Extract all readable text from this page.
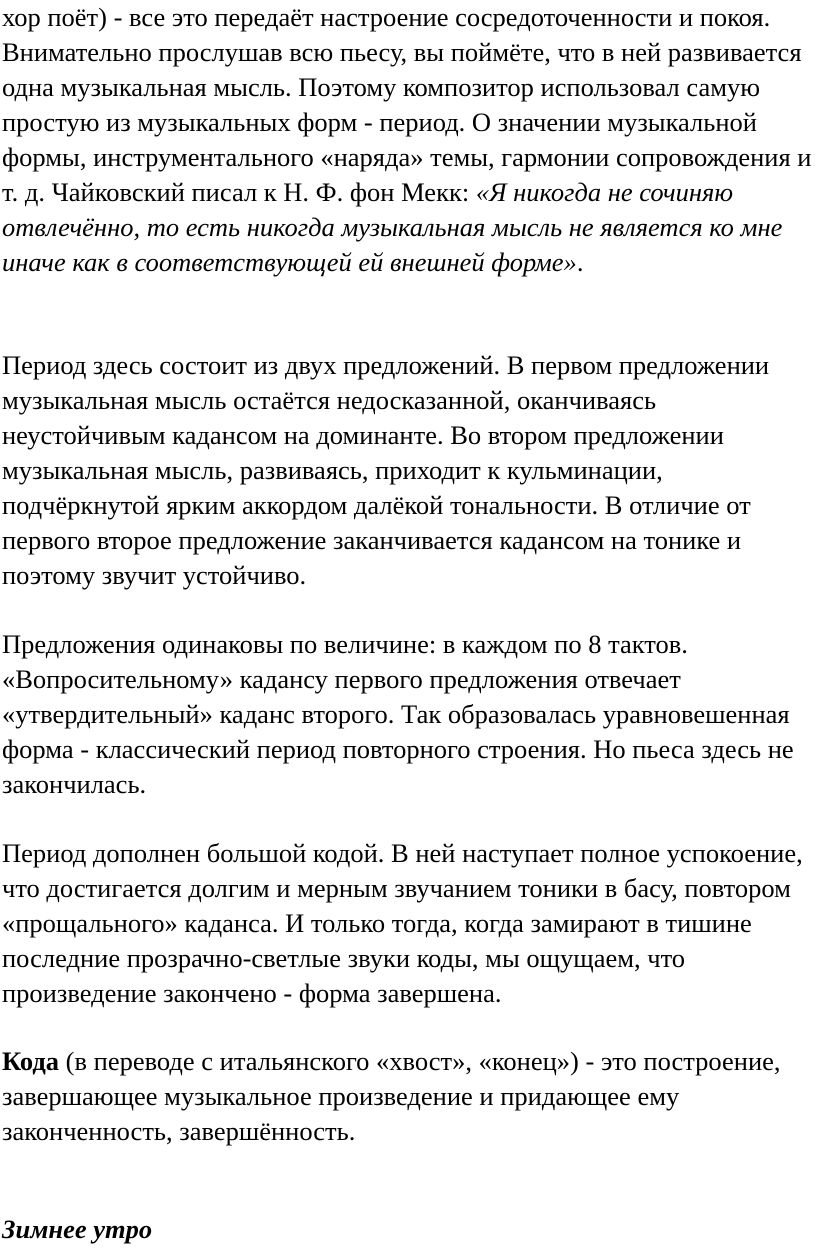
хор поёт) - все это передаёт настроение сосредоточенности и покоя. Внимательно прослушав всю пьесу, вы поймёте, что в ней развивается одна музыкальная мысль. Поэтому композитор использовал самую простую из музыкальных форм - период. О значении музыкальной формы, инструментального «наряда» темы, гармонии сопровождения и т. д. Чайковский писал к Н. Ф. фон Мекк: «Я никогда не сочиняю отвлечённо, то есть никогда музыкальная мысль не является ко мне иначе как в соответствующей ей внешней форме».

Период здесь состоит из двух предложений. В первом предложении музыкальная мысль остаётся недосказанной, оканчиваясь неустойчивым кадансом на доминанте. Во втором предложении музыкальная мысль, развиваясь, приходит к кульминации, подчёркнутой ярким аккордом далёкой тональности. В отличие от первого второе предложение заканчивается кадансом на тонике и поэтому звучит устойчиво.

Предложения одинаковы по величине: в каждом по 8 тактов. «Вопросительному» кадансу первого предложения отвечает «утвердительный» каданс второго. Так образовалась уравновешенная форма - классический период повторного строения. Но пьеса здесь не закончилась.

Период дополнен большой кодой. В ней наступает полное успокоение, что достигается долгим и мерным звучанием тоники в басу, повтором «прощального» каданса. И только тогда, когда замирают в тишине последние прозрачно-светлые звуки коды, мы ощущаем, что произведение закончено - форма завершена.

Кода (в переводе с итальянского «хвост», «конец») - это построение, завершающее музыкальное произведение и придающее ему законченность, завершённость.

Зимнее утро
